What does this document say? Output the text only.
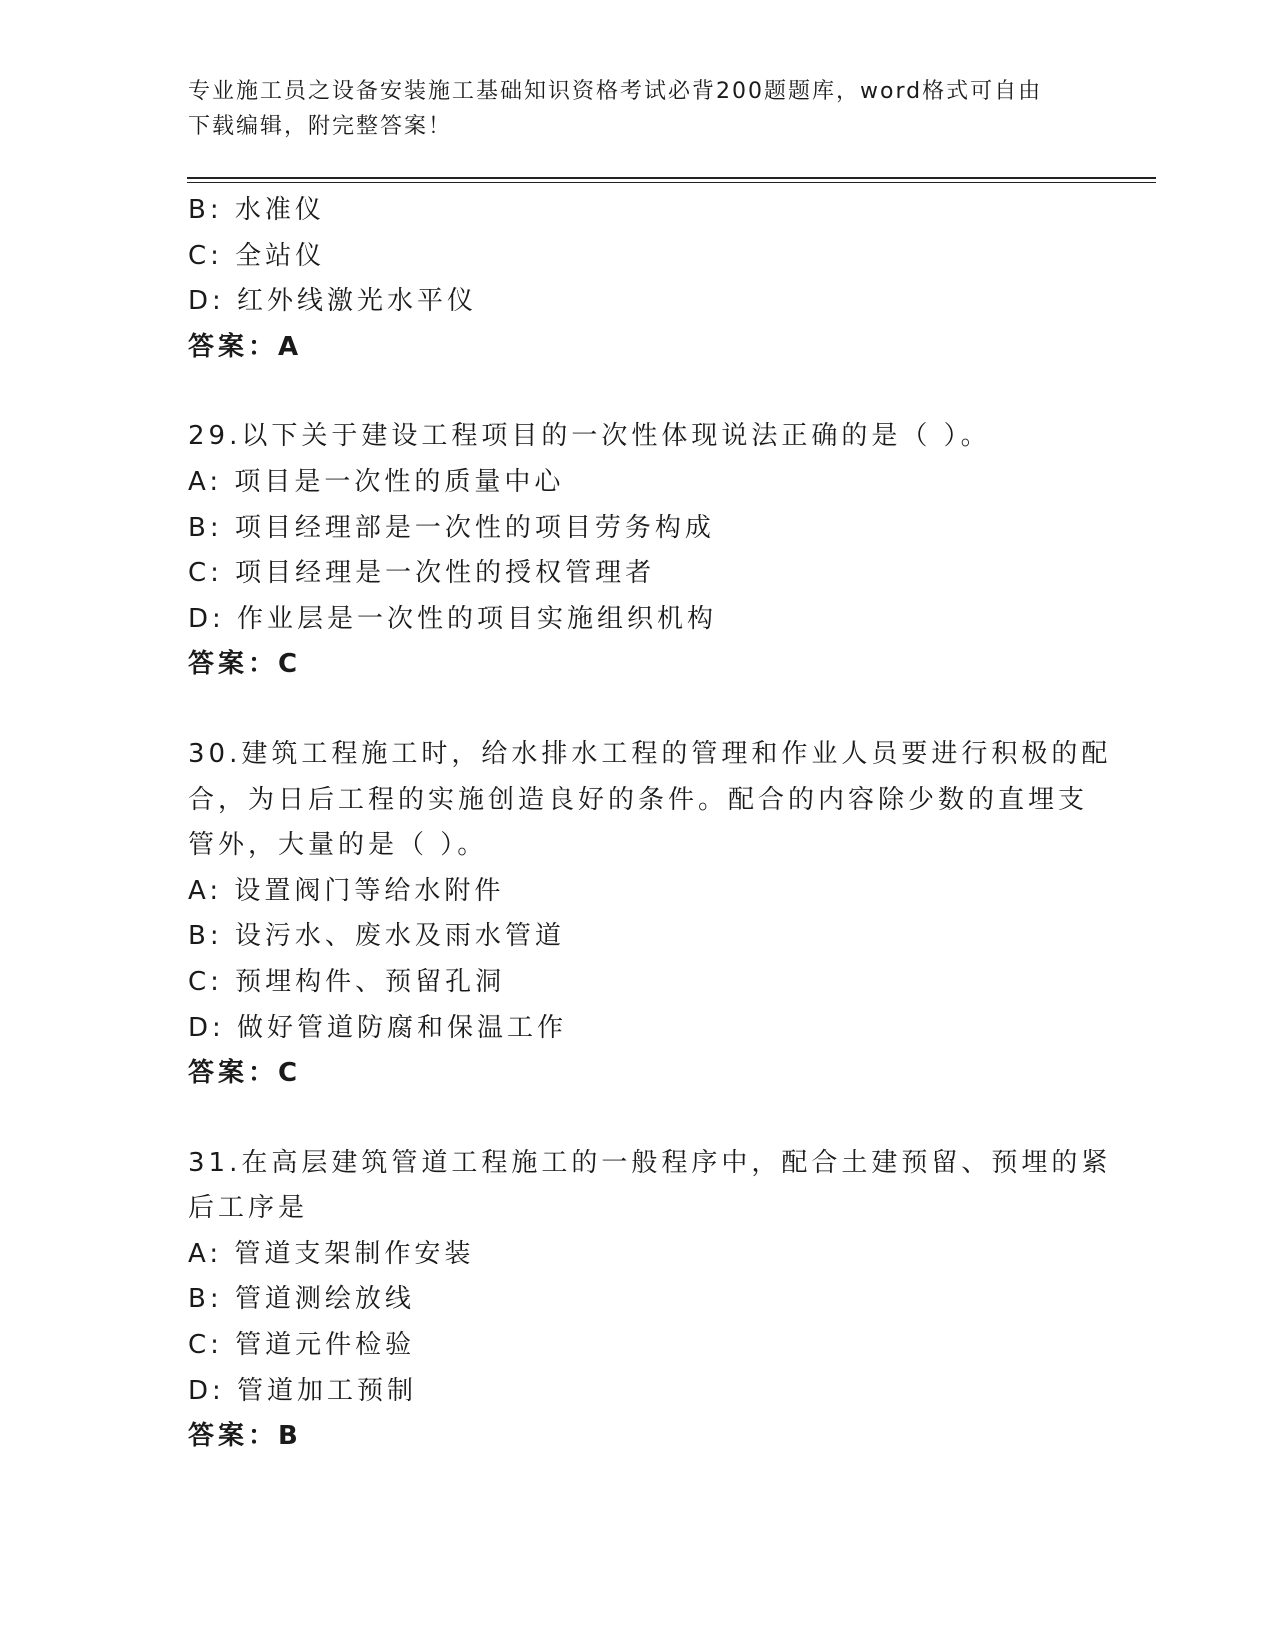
专业施工员之设备安装施工基础知识资格考试必背200题题库，word格式可自由
下载编辑，附完整答案！
B: 水准仪
C: 全站仪
D: 红外线激光水平仪
答案：A
29.以下关于建设工程项目的一次性体现说法正确的是（ ）。
A: 项目是一次性的质量中心
B: 项目经理部是一次性的项目劳务构成
C: 项目经理是一次性的授权管理者
D: 作业层是一次性的项目实施组织机构
答案：C
30.建筑工程施工时，给水排水工程的管理和作业人员要进行积极的配
合，为日后工程的实施创造良好的条件。配合的内容除少数的直埋支
管外，大量的是（ ）。
A: 设置阀门等给水附件
B: 设污水、废水及雨水管道
C: 预埋构件、预留孔洞
D: 做好管道防腐和保温工作
答案：C
31.在高层建筑管道工程施工的一般程序中，配合土建预留、预埋的紧
后工序是
A: 管道支架制作安装
B: 管道测绘放线
C: 管道元件检验
D: 管道加工预制
答案：B
